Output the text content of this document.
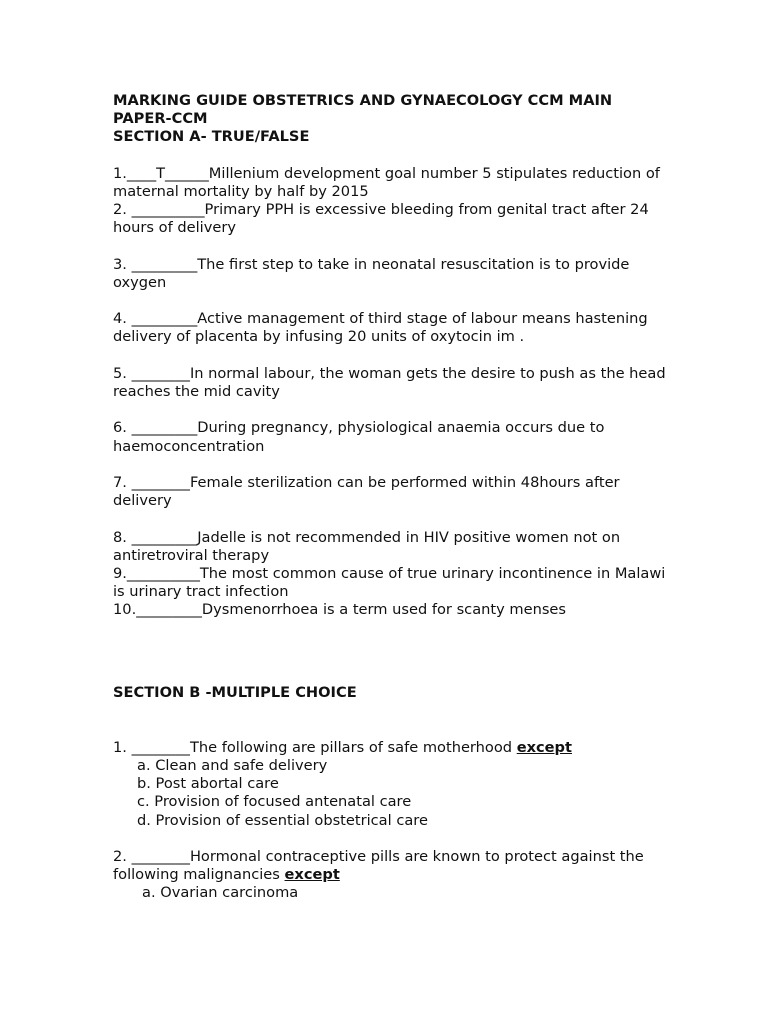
MARKING GUIDE OBSTETRICS AND GYNAECOLOGY CCM MAIN PAPER-CCM

SECTION A- TRUE/FALSE

1.____T______Millenium development goal number 5 stipulates reduction of maternal mortality by half by 2015

2. __________Primary PPH is excessive bleeding from genital tract after 24 hours of delivery

3. _________The first step to take in neonatal resuscitation is to provide oxygen

4. _________Active management of third stage of labour means hastening delivery of placenta by infusing 20 units of oxytocin im .

5. ________In normal labour, the woman gets the desire to push as the head reaches the mid cavity

6. _________During pregnancy, physiological anaemia occurs due to haemoconcentration

7. ________Female sterilization can be performed within 48hours after delivery

8. _________Jadelle is not recommended in HIV positive women not on antiretroviral therapy

9.__________The most common cause of true urinary incontinence in Malawi is urinary tract infection

10._________Dysmenorrhoea is a term used for scanty menses

SECTION B -MULTIPLE CHOICE

1. ________The following are pillars of safe motherhood except

a. Clean and safe delivery

b. Post abortal care

c. Provision of focused antenatal care

d. Provision of essential obstetrical care

2. ________Hormonal contraceptive pills are known to protect against the following malignancies except

a. Ovarian carcinoma
